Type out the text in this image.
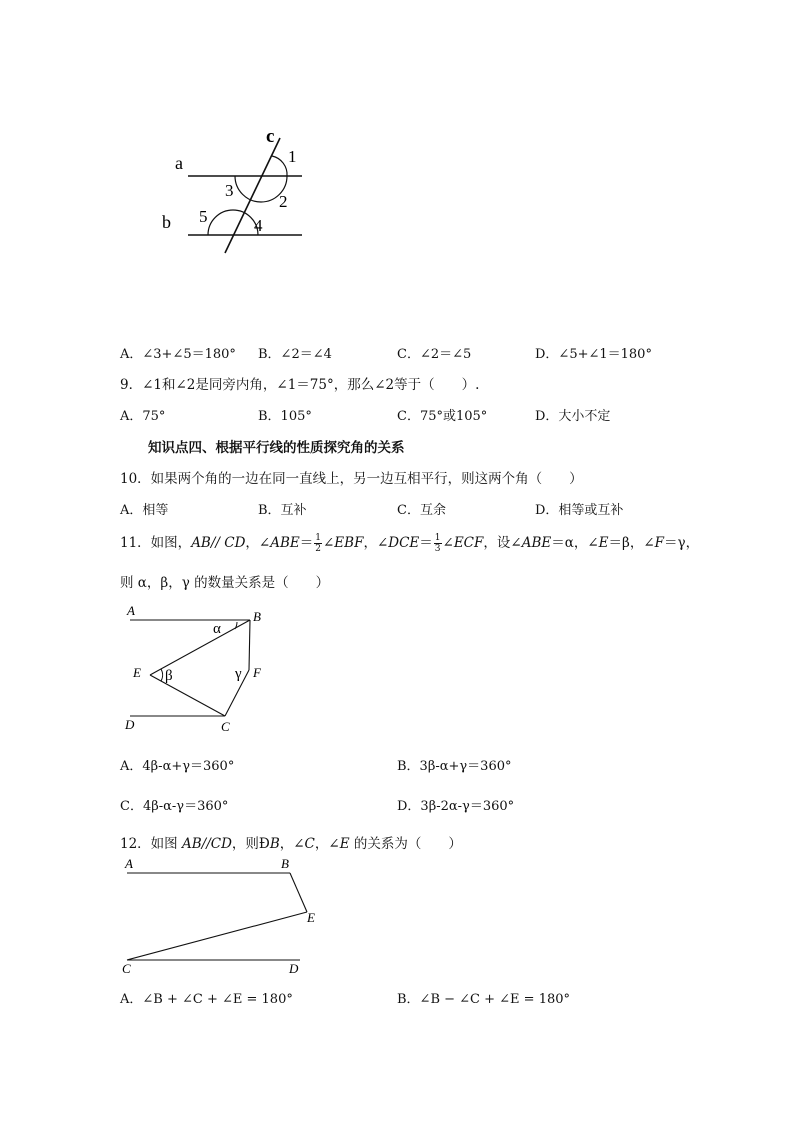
c
a
b
1
2
3
4
5
A．∠3+∠5＝180° B．∠2＝∠4	C．∠2＝∠5	D．∠5+∠1＝180°
9．∠1和∠2是同旁内角，∠1＝75°，那么∠2等于（　　）.
A．75°	B．105°	C．75°或105°	D．大小不定
知识点四、根据平行线的性质探究角的关系
10．如果两个角的一边在同一直线上，另一边互相平行，则这两个角（　　）
A．相等	B．互补	C．互余	D．相等或互补
11．如图，AB// CD，∠ABE＝ $\frac{1}{2}$ ∠EBF，∠DCE＝ $\frac{1}{3}$ ∠ECF，设∠ABE＝α，∠E＝β，∠F＝γ，
则 α，β，γ 的数量关系是（　　）
A	B
E	F
D	C
α
β	γ
A．4β-α+γ＝360°	B．3β-α+γ＝360°
C．4β-α-γ＝360°	D．3β-2α-γ＝360°
12．如图 AB//CD，则ÐB，∠C，∠E 的关系为（　　）
A	B
E
C	D
A．∠B + ∠C + ∠E = 180°	B．∠B − ∠C + ∠E = 180°
